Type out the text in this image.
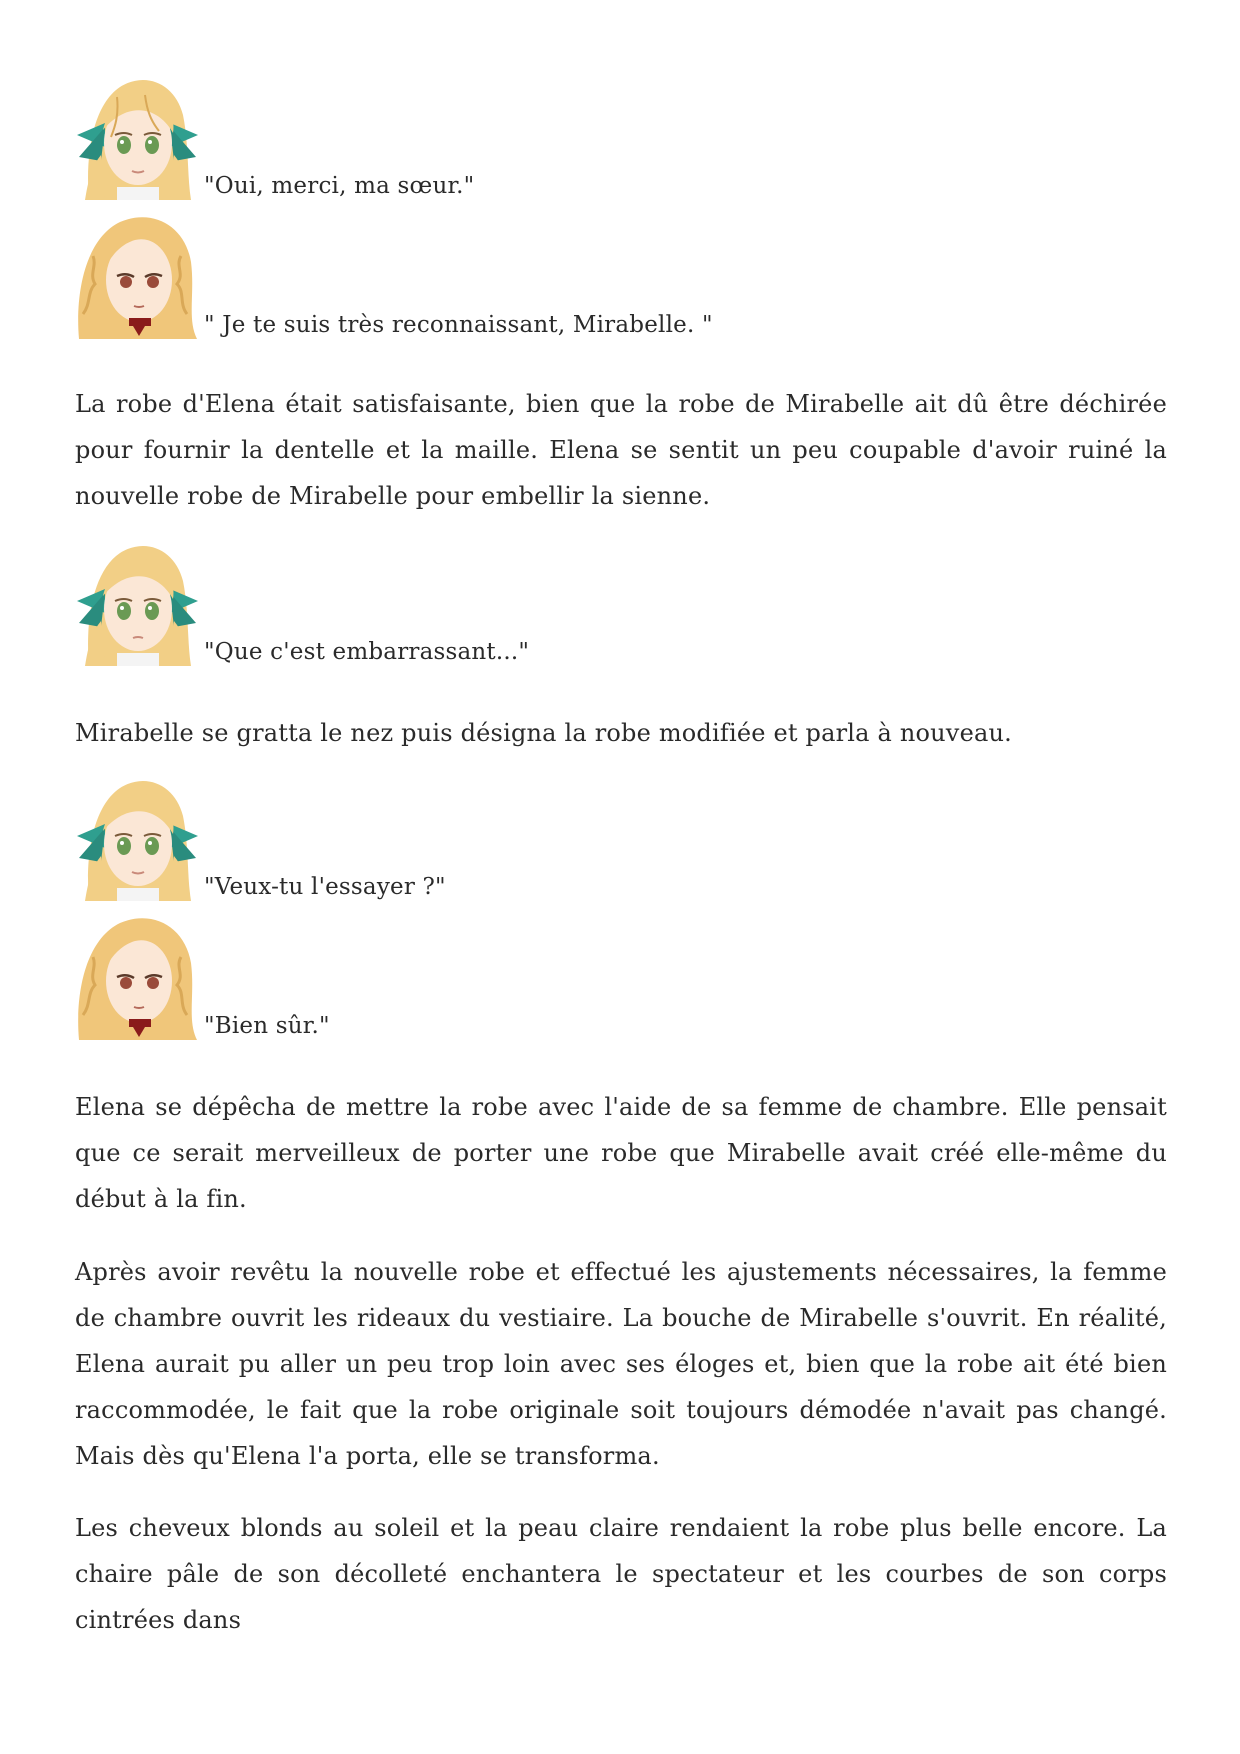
"Oui, merci, ma sœur."
" Je te suis très reconnaissant, Mirabelle. "

La robe d'Elena était satisfaisante, bien que la robe de Mirabelle ait dû être déchirée pour fournir la dentelle et la maille. Elena se sentit un peu coupable d'avoir ruiné la nouvelle robe de Mirabelle pour embellir la sienne.

"Que c'est embarrassant..."

Mirabelle se gratta le nez puis désigna la robe modifiée et parla à nouveau.

"Veux-tu l'essayer ?"
"Bien sûr."

Elena se dépêcha de mettre la robe avec l'aide de sa femme de chambre. Elle pensait que ce serait merveilleux de porter une robe que Mirabelle avait créé elle-même du début à la fin.

Après avoir revêtu la nouvelle robe et effectué les ajustements nécessaires, la femme de chambre ouvrit les rideaux du vestiaire. La bouche de Mirabelle s'ouvrit. En réalité, Elena aurait pu aller un peu trop loin avec ses éloges et, bien que la robe ait été bien raccommodée, le fait que la robe originale soit toujours démodée n'avait pas changé. Mais dès qu'Elena l'a porta, elle se transforma.

Les cheveux blonds au soleil et la peau claire rendaient la robe plus belle encore. La chaire pâle de son décolleté enchantera le spectateur et les courbes de son corps cintrées dans
